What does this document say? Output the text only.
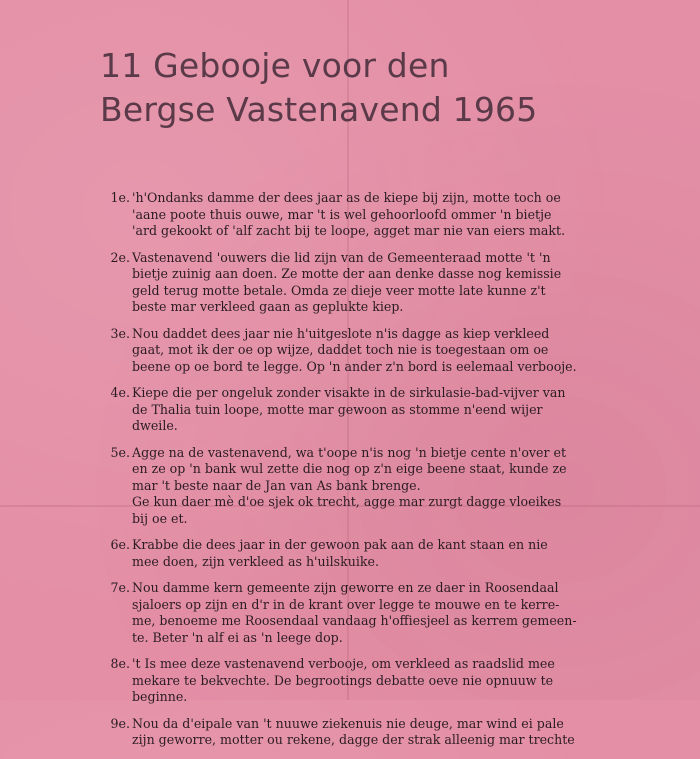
11 Gebooje voor den
Bergse Vastenavend 1965
1e. 'h'Ondanks damme der dees jaar as de kiepe bij zijn, motte toch oe
'aane poote thuis ouwe, mar 't is wel gehoorloofd ommer 'n bietje
'ard gekookt of 'alf zacht bij te loope, agget mar nie van eiers makt.
2e. Vastenavend 'ouwers die lid zijn van de Gemeenteraad motte 't 'n
bietje zuinig aan doen. Ze motte der aan denke dasse nog kemissie
geld terug motte betale. Omda ze dieje veer motte late kunne z't
beste mar verkleed gaan as geplukte kiep.
3e. Nou daddet dees jaar nie h'uitgeslote n'is dagge as kiep verkleed
gaat, mot ik der oe op wijze, daddet toch nie is toegestaan om oe
beene op oe bord te legge. Op 'n ander z'n bord is eelemaal verbooje.
4e. Kiepe die per ongeluk zonder visakte in de sirkulasie-bad-vijver van
de Thalia tuin loope, motte mar gewoon as stomme n'eend wijer
dweile.
5e. Agge na de vastenavend, wa t'oope n'is nog 'n bietje cente n'over et
en ze op 'n bank wul zette die nog op z'n eige beene staat, kunde ze
mar 't beste naar de Jan van As bank brenge.
Ge kun daer mè d'oe sjek ok trecht, agge mar zurgt dagge vloeikes
bij oe et.
6e. Krabbe die dees jaar in der gewoon pak aan de kant staan en nie
mee doen, zijn verkleed as h'uilskuike.
7e. Nou damme kern gemeente zijn geworre en ze daer in Roosendaal
sjaloers op zijn en d'r in de krant over legge te mouwe en te kerre-
me, benoeme me Roosendaal vandaag h'offiesjeel as kerrem gemeen-
te. Beter 'n alf ei as 'n leege dop.
8e. 't Is mee deze vastenavend verbooje, om verkleed as raadslid mee
mekare te bekvechte. De begrootings debatte oeve nie opnuuw te
beginne.
9e. Nou da d'eipale van 't nuuwe ziekenuis nie deuge, mar wind ei pale
zijn geworre, motter ou rekene, dagge der strak alleenig mar trechte
